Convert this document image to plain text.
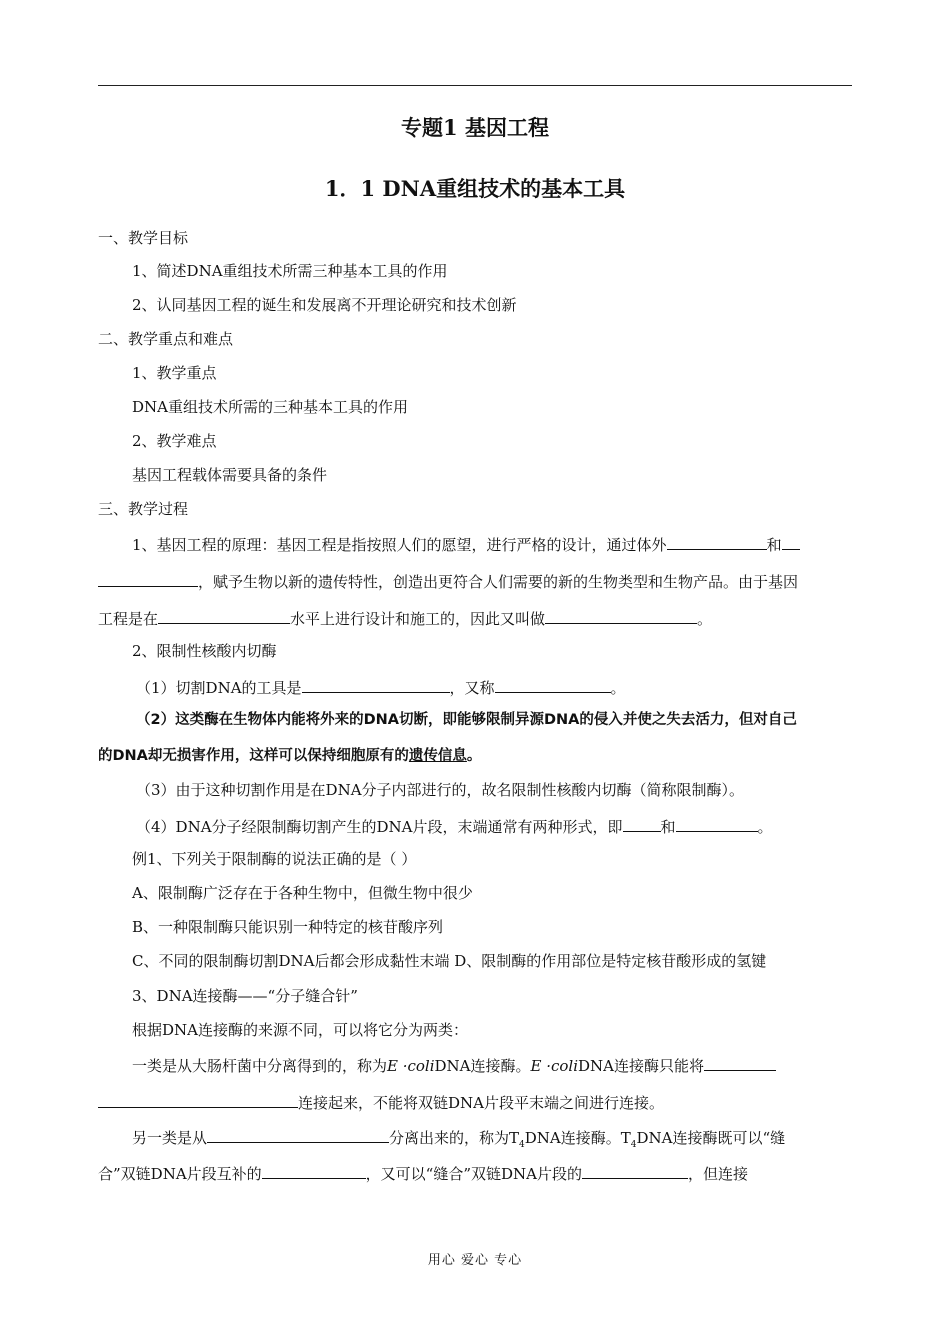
专题1 基因工程
1．1 DNA重组技术的基本工具
一、教学目标
1、简述DNA重组技术所需三种基本工具的作用
2、认同基因工程的诞生和发展离不开理论研究和技术创新
二、教学重点和难点
1、教学重点
DNA重组技术所需的三种基本工具的作用
2、教学难点
基因工程载体需要具备的条件
三、教学过程
1、基因工程的原理：基因工程是指按照人们的愿望，进行严格的设计，通过体外	和
，赋予生物以新的遗传特性，创造出更符合人们需要的新的生物类型和生物产品。由于基因
工程是在	水平上进行设计和施工的，因此又叫做	。
2、限制性核酸内切酶
（1）切割DNA的工具是	，又称	。
（2）这类酶在生物体内能将外来的DNA切断，即能够限制异源DNA的侵入并使之失去活力，但对自己
的DNA却无损害作用，这样可以保持细胞原有的遗传信息。
（3）由于这种切割作用是在DNA分子内部进行的，故名限制性核酸内切酶（简称限制酶）。
（4）DNA分子经限制酶切割产生的DNA片段，末端通常有两种形式，即	和	。
例1、下列关于限制酶的说法正确的是（ ）
A、限制酶广泛存在于各种生物中，但微生物中很少
B、一种限制酶只能识别一种特定的核苷酸序列
C、不同的限制酶切割DNA后都会形成黏性末端 D、限制酶的作用部位是特定核苷酸形成的氢键
3、DNA连接酶——“分子缝合针”
根据DNA连接酶的来源不同，可以将它分为两类：
一类是从大肠杆菌中分离得到的，称为E ·coliDNA连接酶。E ·coliDNA连接酶只能将
连接起来，不能将双链DNA片段平末端之间进行连接。
另一类是从	分离出来的，称为$T_4DNA$连接酶。$T_4DNA$连接酶既可以“缝
合”双链DNA片段互补的	，又可以“缝合”双链DNA片段的	，但连接
用心 爱心 专心
